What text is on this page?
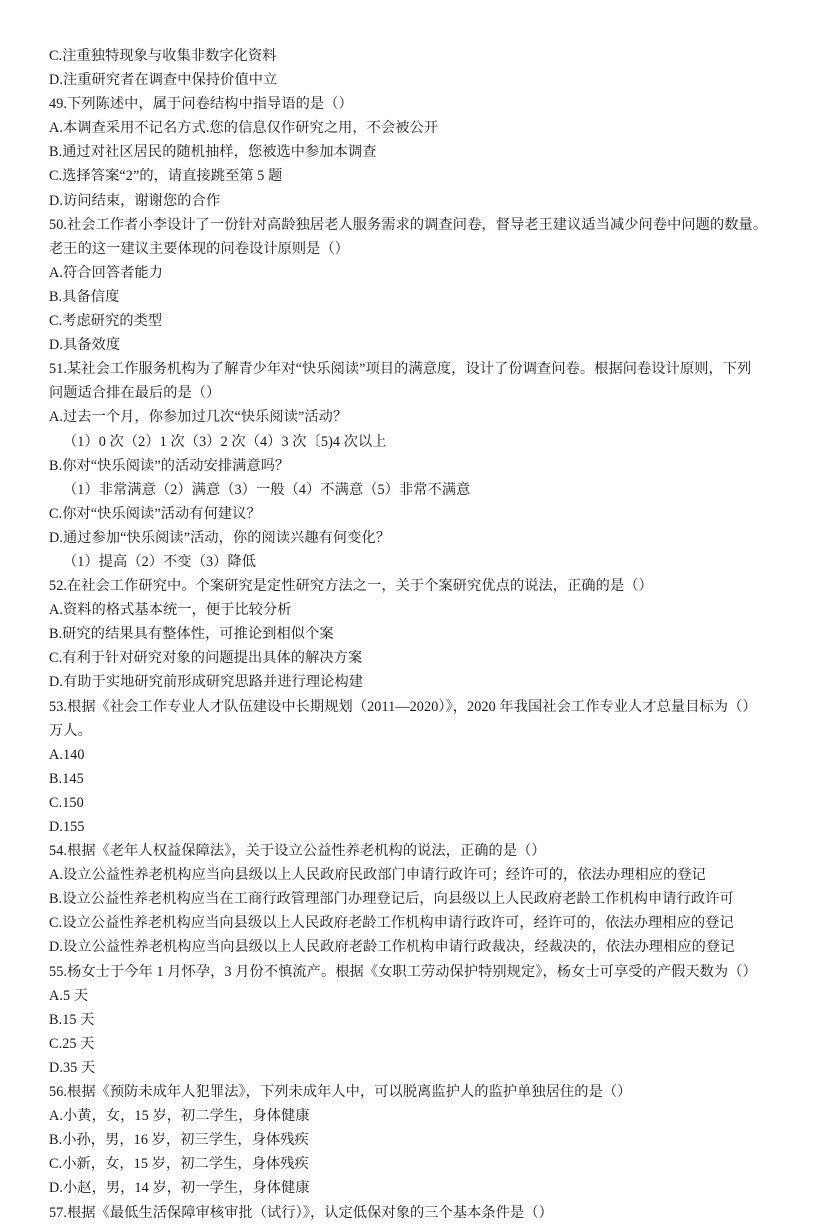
C.注重独特现象与收集非数字化资料
D.注重研究者在调查中保持价值中立
49.下列陈述中，属于问卷结构中指导语的是（）
A.本调查采用不记名方式.您的信息仅作研究之用，不会被公开
B.通过对社区居民的随机抽样，您被选中参加本调查
C.选择答案“2”的，请直接跳至第 5 题
D.访问结束，谢谢您的合作
50.社会工作者小李设计了一份针对高龄独居老人服务需求的调查问卷，督导老王建议适当减少问卷中问题的数量。
老王的这一建议主要体现的问卷设计原则是（）
A.符合回答者能力
B.具备信度
C.考虑研究的类型
D.具备效度
51.某社会工作服务机构为了解青少年对“快乐阅读”项目的满意度，设计了份调查问卷。根据问卷设计原则，下列
问题适合排在最后的是（）
A.过去一个月，你参加过几次“快乐阅读”活动？
（1）0 次（2）1 次（3）2 次（4）3 次〔5)4 次以上
B.你对“快乐阅读”的活动安排满意吗？
（1）非常满意（2）满意（3）一般（4）不满意（5）非常不满意
C.你对“快乐阅读”活动有何建议？
D.通过参加“快乐阅读”活动，你的阅读兴趣有何变化？
（1）提高（2）不变（3）降低
52.在社会工作研究中。个案研究是定性研究方法之一，关于个案研究优点的说法，正确的是（）
A.资料的格式基本统一，便于比较分析
B.研究的结果具有整体性，可推论到相似个案
C.有利于针对研究对象的问题提出具体的解决方案
D.有助于实地研究前形成研究思路并进行理论构建
53.根据《社会工作专业人才队伍建设中长期规划（2011—2020）》，2020 年我国社会工作专业人才总量目标为（）
万人。
A.140
B.145
C.150
D.155
54.根据《老年人权益保障法》，关于设立公益性养老机构的说法，正确的是（）
A.设立公益性养老机构应当向县级以上人民政府民政部门申请行政许可；经许可的，依法办理相应的登记
B.设立公益性养老机构应当在工商行政管理部门办理登记后，向县级以上人民政府老龄工作机构申请行政许可
C.设立公益性养老机构应当向县级以上人民政府老龄工作机构申请行政许可，经许可的，依法办理相应的登记
D.设立公益性养老机构应当向县级以上人民政府老龄工作机构申请行政裁决，经裁决的，依法办理相应的登记
55.杨女士于今年 1 月怀孕，3 月份不慎流产。根据《女职工劳动保护特别规定》，杨女士可享受的产假天数为（）
A.5 天
B.15 天
C.25 天
D.35 天
56.根据《预防未成年人犯罪法》，下列未成年人中，可以脱离监护人的监护单独居住的是（）
A.小黄，女，15 岁，初二学生，身体健康
B.小孙，男，16 岁，初三学生，身体残疾
C.小新，女，15 岁，初二学生，身体残疾
D.小赵，男，14 岁，初一学生，身体健康
57.根据《最低生活保障审核审批（试行）》，认定低保对象的三个基本条件是（）
